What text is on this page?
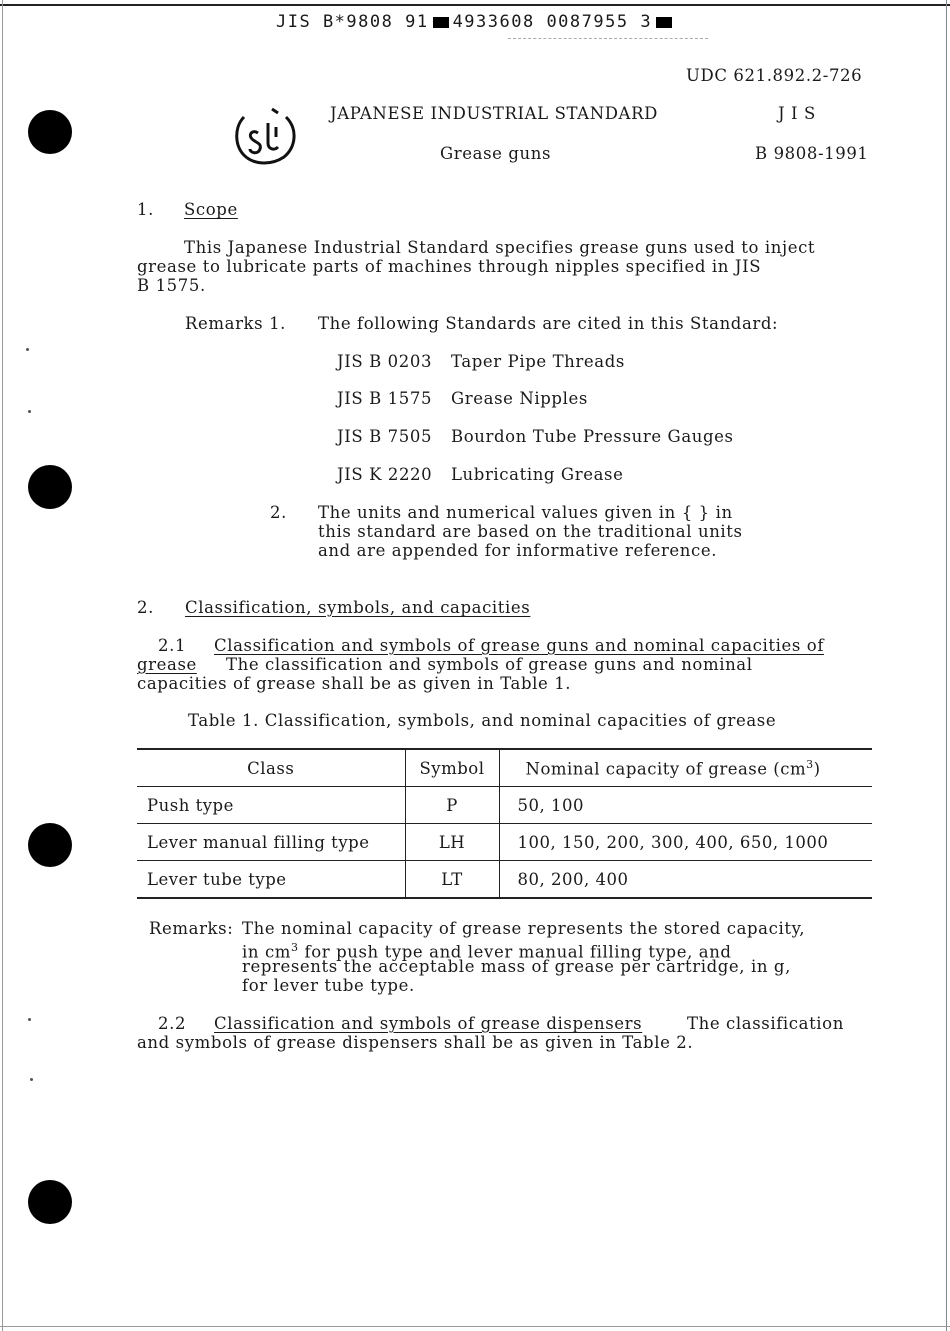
JIS B*9808 91 4933608 0087955 3
UDC 621.892.2-726
JAPANESE INDUSTRIAL STANDARD	J I S
Grease guns	B 9808-1991
1. Scope
This Japanese Industrial Standard specifies grease guns used to inject
grease to lubricate parts of machines through nipples specified in JIS
B 1575.
Remarks 1. The following Standards are cited in this Standard:
JIS B 0203 Taper Pipe Threads
JIS B 1575 Grease Nipples
JIS B 7505 Bourdon Tube Pressure Gauges
JIS K 2220 Lubricating Grease
2. The units and numerical values given in { } in
this standard are based on the traditional units
and are appended for informative reference.
2. Classification, symbols, and capacities
2.1 Classification and symbols of grease guns and nominal capacities of
grease The classification and symbols of grease guns and nominal
capacities of grease shall be as given in Table 1.
Table 1. Classification, symbols, and nominal capacities of grease
Class	Symbol	Nominal capacity of grease $(cm^3)$
Push type	P	50, 100
Lever manual filling type	LH	100, 150, 200, 300, 400, 650, 1000
Lever tube type	LT	80, 200, 400
Remarks: The nominal capacity of grease represents the stored capacity,
in $cm^3$ for push type and lever manual filling type, and
represents the acceptable mass of grease per cartridge, in g,
for lever tube type.
2.2 Classification and symbols of grease dispensers	The classification
and symbols of grease dispensers shall be as given in Table 2.
